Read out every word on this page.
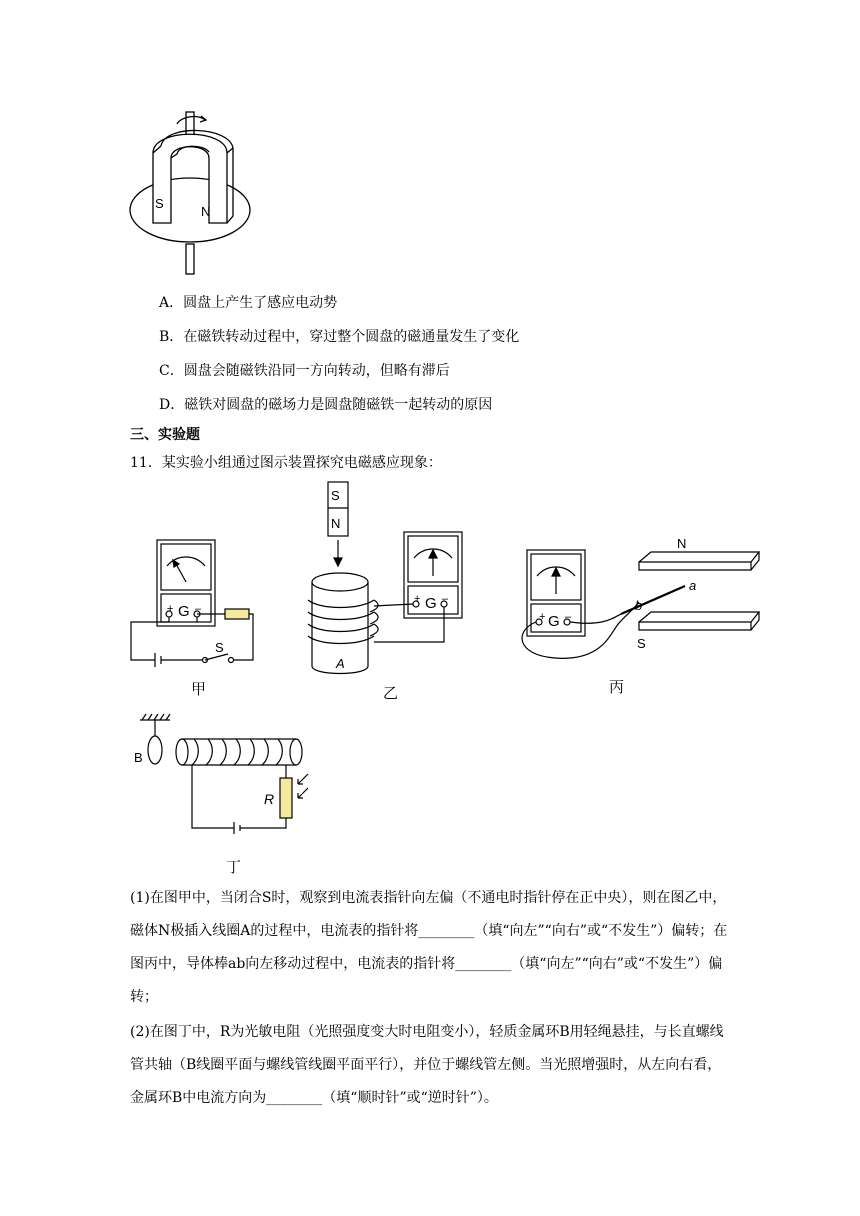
S
N
A．圆盘上产生了感应电动势
B．在磁铁转动过程中，穿过整个圆盘的磁通量发生了变化
C．圆盘会随磁铁沿同一方向转动，但略有滞后
D．磁铁对圆盘的磁场力是圆盘随磁铁一起转动的原因
三、实验题
11．某实验小组通过图示装置探究电磁感应现象：
+ –
G
S
甲
S
N
A
+ –
G
乙
+ –
G
N
S
a
b
丙
B
R
丁
(1)在图甲中，当闭合S时，观察到电流表指针向左偏（不通电时指针停在正中央），则在图乙中，磁体N极插入线圈A的过程中，电流表的指针将________（填“向左”“向右”或“不发生”）偏转；在图丙中，导体棒ab向左移动过程中，电流表的指针将________（填“向左”“向右”或“不发生”）偏转；
(2)在图丁中，R为光敏电阻（光照强度变大时电阻变小），轻质金属环B用轻绳悬挂，与长直螺线管共轴（B线圈平面与螺线管线圈平面平行），并位于螺线管左侧。当光照增强时，从左向右看，金属环B中电流方向为________（填“顺时针”或“逆时针”）。
